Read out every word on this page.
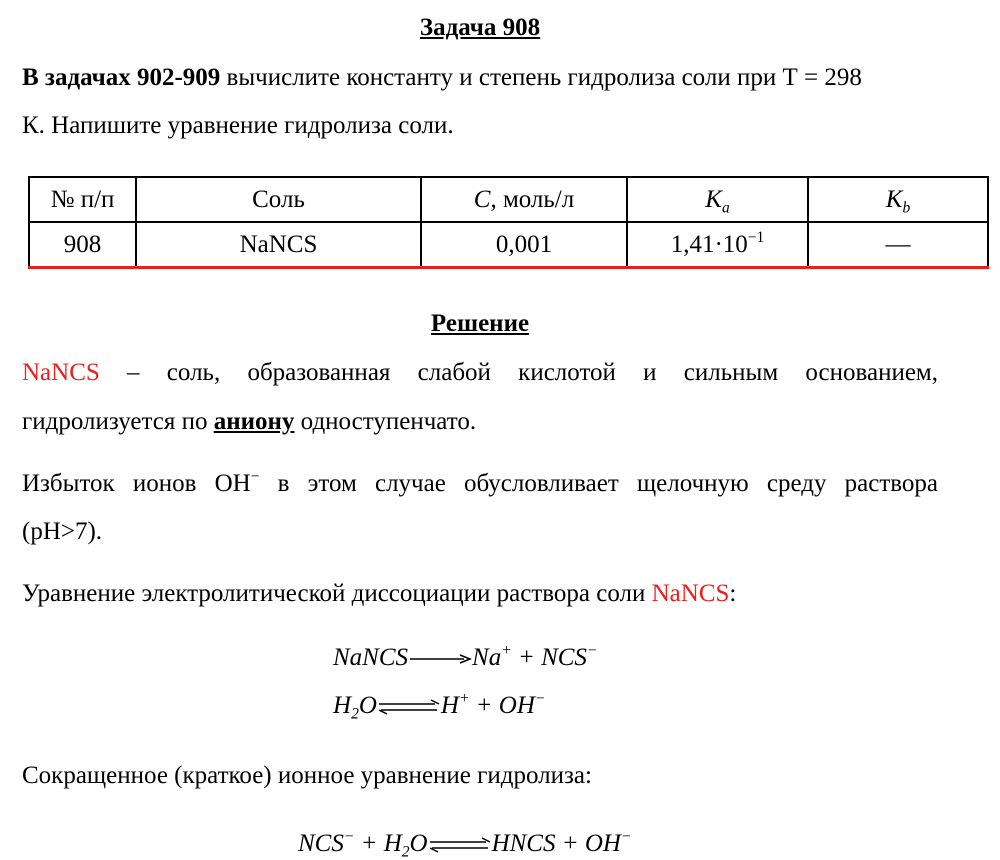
Задача 908
В задачах 902-909 вычислите константу и степень гидролиза соли при Т = 298
К. Напишите уравнение гидролиза соли.
№ п/п	Соль	C, моль/л	$K_a$	$K_b$
908	NaNCS	0,001	$1,41\cdot 10^{-1}$	—
Решение
NaNCS – соль, образованная слабой кислотой и сильным основанием,
гидролизуется по аниону одноступенчато.
Избыток ионов OH− в этом случае обусловливает щелочную среду раствора
(pH>7).
Уравнение электролитической диссоциации раствора соли NaNCS:
NaNCS	Na+ + NCS−
$H_2O\rightleftharpoons H^+ + OH^-$
Сокращенное (краткое) ионное уравнение гидролиза:
$NCS^- + H_2O\rightleftharpoons HNCS + OH^-$
